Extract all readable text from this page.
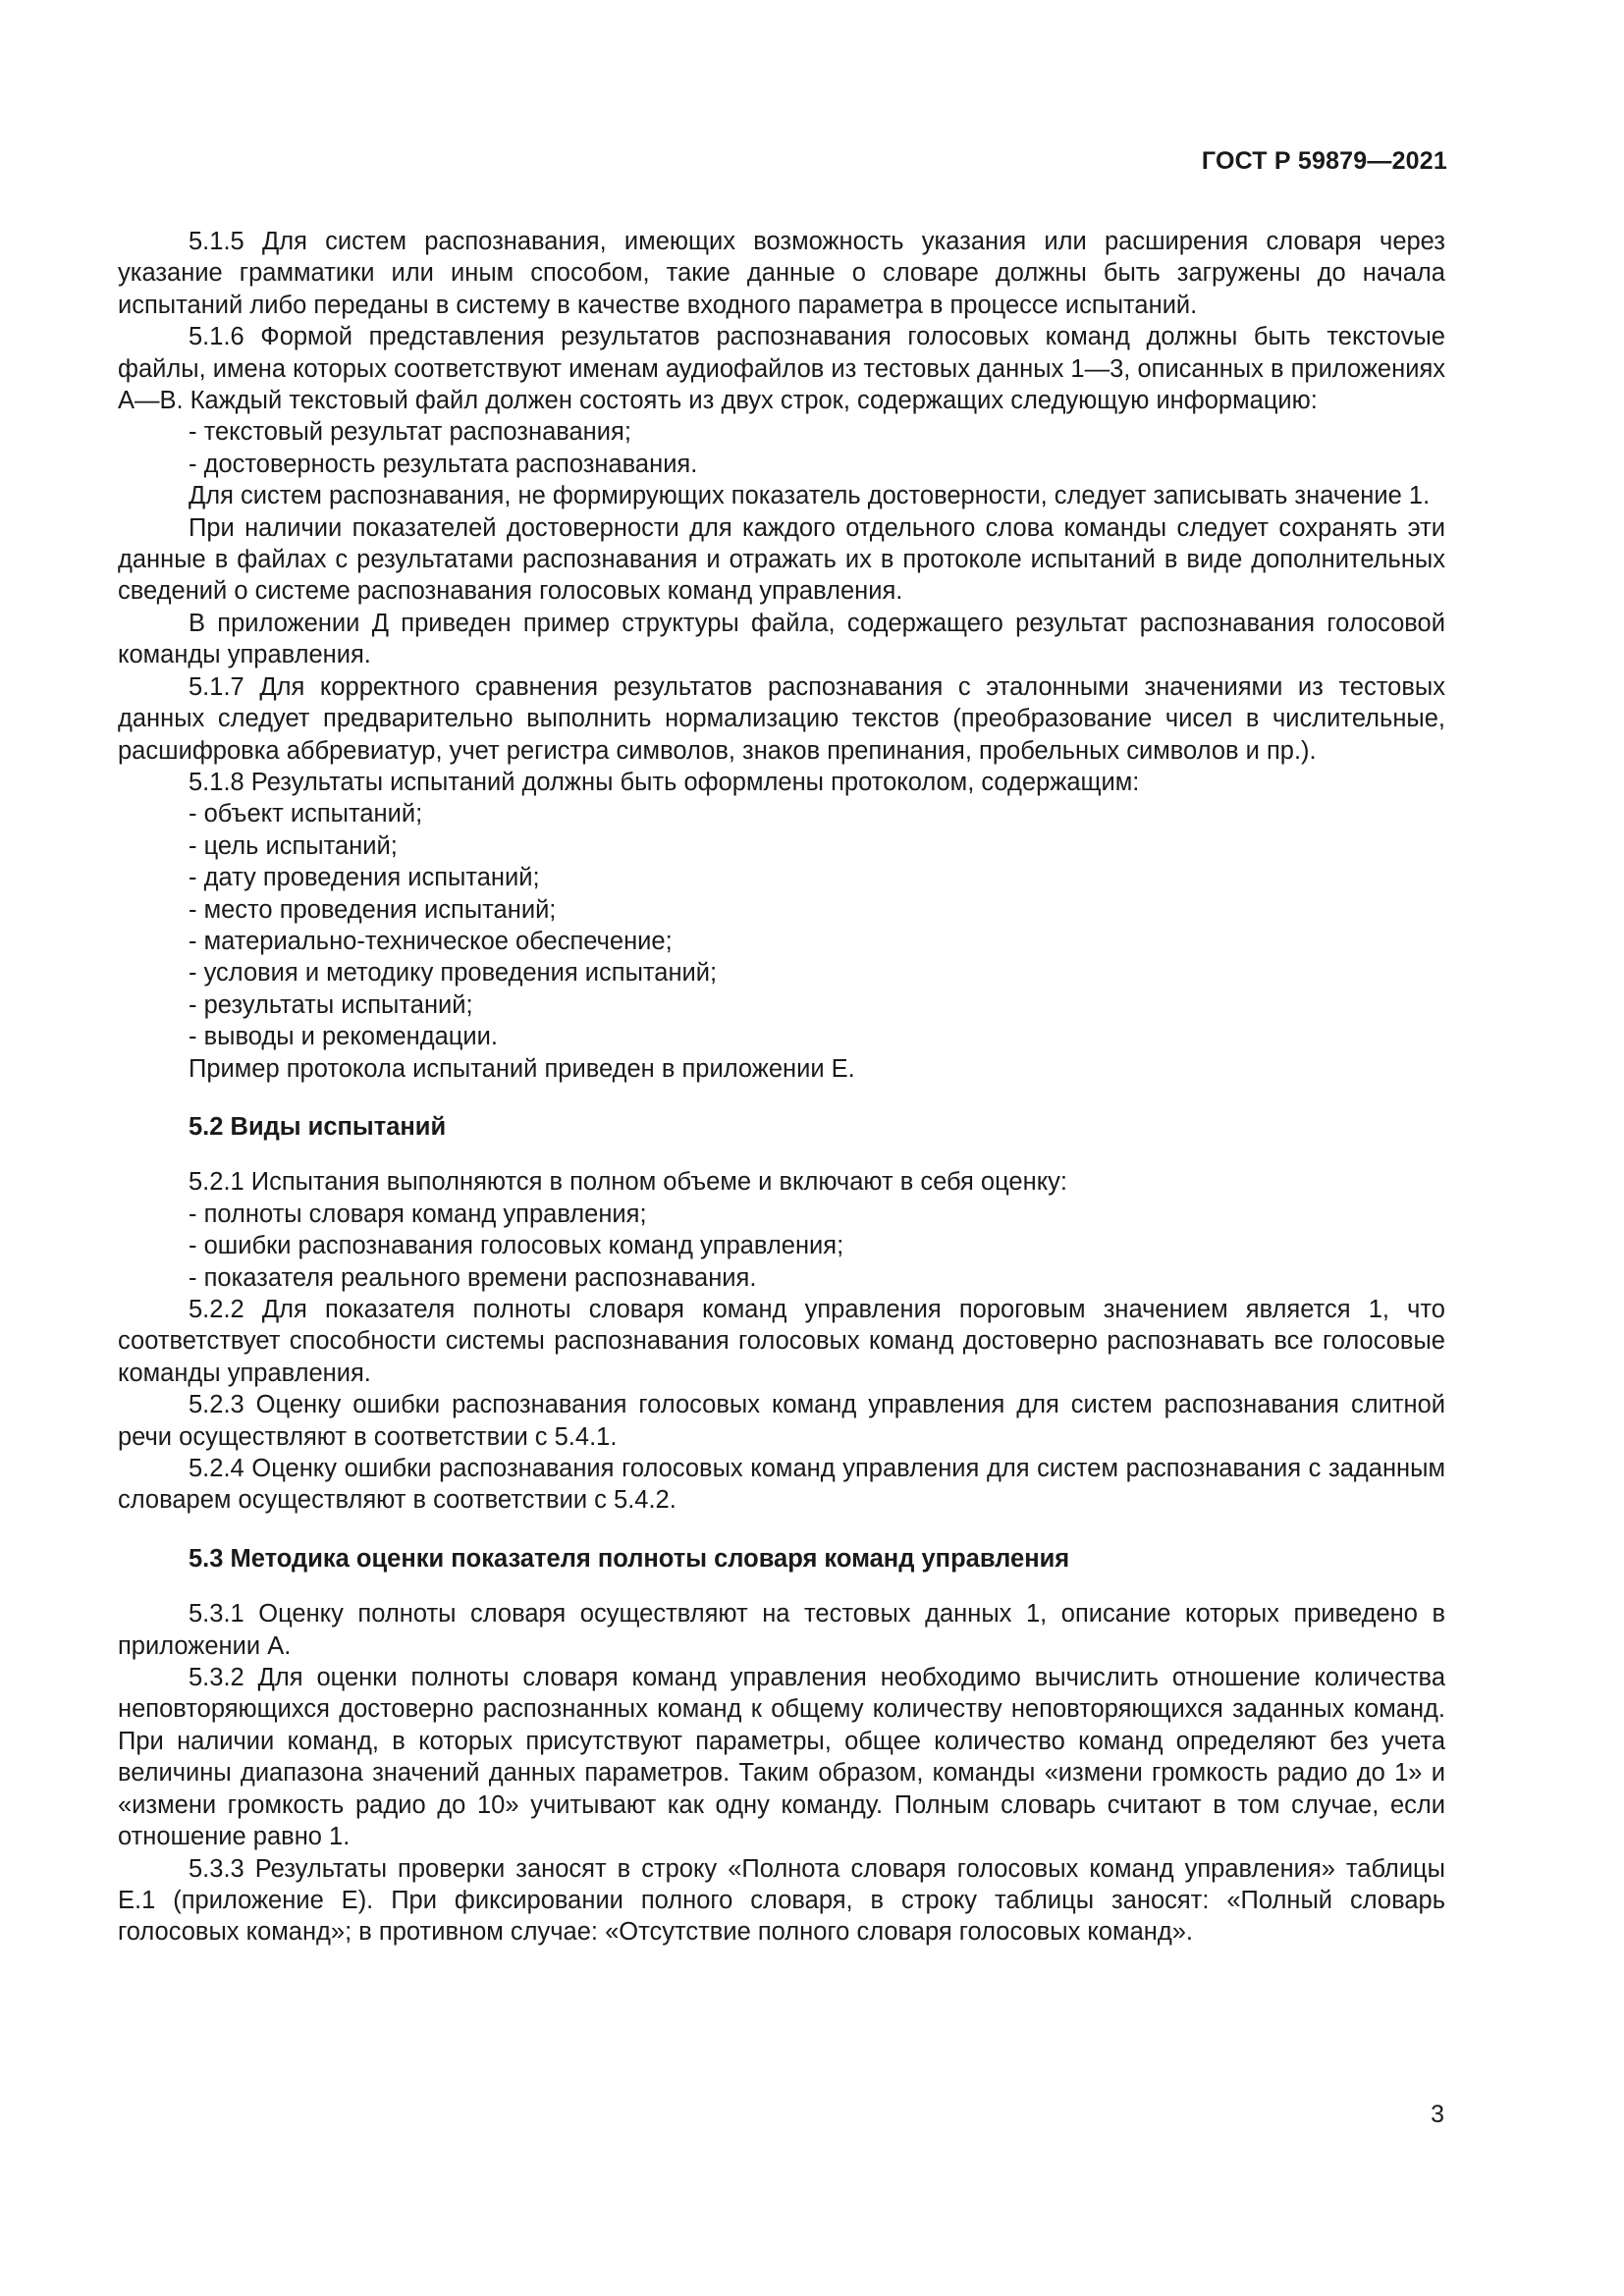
ГОСТ Р 59879—2021

5.1.5 Для систем распознавания, имеющих возможность указания или расширения словаря через указание грамматики или иным способом, такие данные о словаре должны быть загружены до начала испытаний либо переданы в систему в качестве входного параметра в процессе испытаний.

5.1.6 Формой представления результатов распознавания голосовых команд должны быть текстоvые файлы, имена которых соответствуют именам аудиофайлов из тестовых данных 1—3, описанных в приложениях А—В. Каждый текстовый файл должен состоять из двух строк, содержащих следующую информацию:

- текстовый результат распознавания;

- достоверность результата распознавания.

Для систем распознавания, не формирующих показатель достоверности, следует записывать значение 1.

При наличии показателей достоверности для каждого отдельного слова команды следует сохранять эти данные в файлах с результатами распознавания и отражать их в протоколе испытаний в виде дополнительных сведений о системе распознавания голосовых команд управления.

В приложении Д приведен пример структуры файла, содержащего результат распознавания голосовой команды управления.

5.1.7 Для корректного сравнения результатов распознавания с эталонными значениями из тестовых данных следует предварительно выполнить нормализацию текстов (преобразование чисел в числительные, расшифровка аббревиатур, учет регистра символов, знаков препинания, пробельных символов и пр.).

5.1.8 Результаты испытаний должны быть оформлены протоколом, содержащим:

- объект испытаний;

- цель испытаний;

- дату проведения испытаний;

- место проведения испытаний;

- материально-техническое обеспечение;

- условия и методику проведения испытаний;

- результаты испытаний;

- выводы и рекомендации.

Пример протокола испытаний приведен в приложении Е.

5.2 Виды испытаний

5.2.1 Испытания выполняются в полном объеме и включают в себя оценку:

- полноты словаря команд управления;

- ошибки распознавания голосовых команд управления;

- показателя реального времени распознавания.

5.2.2 Для показателя полноты словаря команд управления пороговым значением является 1, что соответствует способности системы распознавания голосовых команд достоверно распознавать все голосовые команды управления.

5.2.3 Оценку ошибки распознавания голосовых команд управления для систем распознавания слитной речи осуществляют в соответствии с 5.4.1.

5.2.4 Оценку ошибки распознавания голосовых команд управления для систем распознавания с заданным словарем осуществляют в соответствии с 5.4.2.

5.3 Методика оценки показателя полноты словаря команд управления

5.3.1 Оценку полноты словаря осуществляют на тестовых данных 1, описание которых приведено в приложении А.

5.3.2 Для оценки полноты словаря команд управления необходимо вычислить отношение количества неповторяющихся достоверно распознанных команд к общему количеству неповторяющихся заданных команд. При наличии команд, в которых присутствуют параметры, общее количество команд определяют без учета величины диапазона значений данных параметров. Таким образом, команды «измени громкость радио до 1» и «измени громкость радио до 10» учитывают как одну команду. Полным словарь считают в том случае, если отношение равно 1.

5.3.3 Результаты проверки заносят в строку «Полнота словаря голосовых команд управления» таблицы Е.1 (приложение Е). При фиксировании полного словаря, в строку таблицы заносят: «Полный словарь голосовых команд»; в противном случае: «Отсутствие полного словаря голосовых команд».

3
